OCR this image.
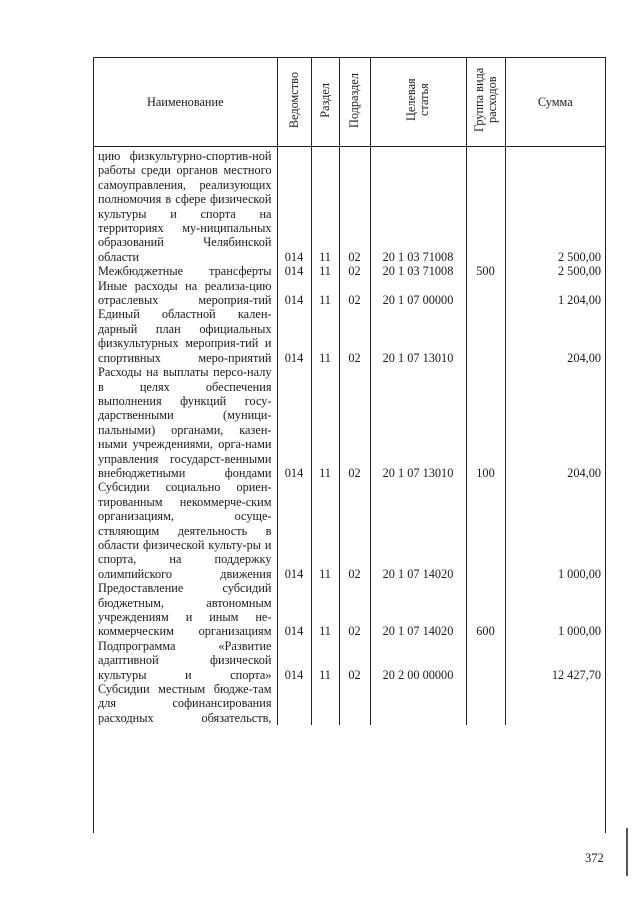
Наименование	Ведомство	Раздел	Подраздел	Целевая статья	Группа вида расходов	Сумма
цию физкультурно-спортив-ной работы среди органов местного самоуправления, реализующих полномочия в сфере физической культуры и спорта на территориях му-ниципальных образований Челябинской области	014	11	02	20 1 03 71008		2 500,00
Межбюджетные трансферты	014	11	02	20 1 03 71008	500	2 500,00
Иные расходы на реализа-цию отраслевых мероприя-тий	014	11	02	20 1 07 00000		1 204,00
Единый областной кален-дарный план официальных физкультурных мероприя-тий и спортивных меро-приятий	014	11	02	20 1 07 13010		204,00
Расходы на выплаты персо-налу в целях обеспечения выполнения функций госу-дарственными (муници-пальными) органами, казен-ными учреждениями, орга-нами управления государст-венными внебюджетными фондами	014	11	02	20 1 07 13010	100	204,00
Субсидии социально ориен-тированным некоммерче-ским организациям, осуще-ствляющим деятельность в области физической культу-ры и спорта, на поддержку олимпийского движения	014	11	02	20 1 07 14020		1 000,00
Предоставление субсидий бюджетным, автономным учреждениям и иным не-коммерческим организациям	014	11	02	20 1 07 14020	600	1 000,00
Подпрограмма «Развитие адаптивной физической культуры и спорта»	014	11	02	20 2 00 00000		12 427,70
Субсидии местным бюдже-там для софинансирования расходных обязательств,						
372
